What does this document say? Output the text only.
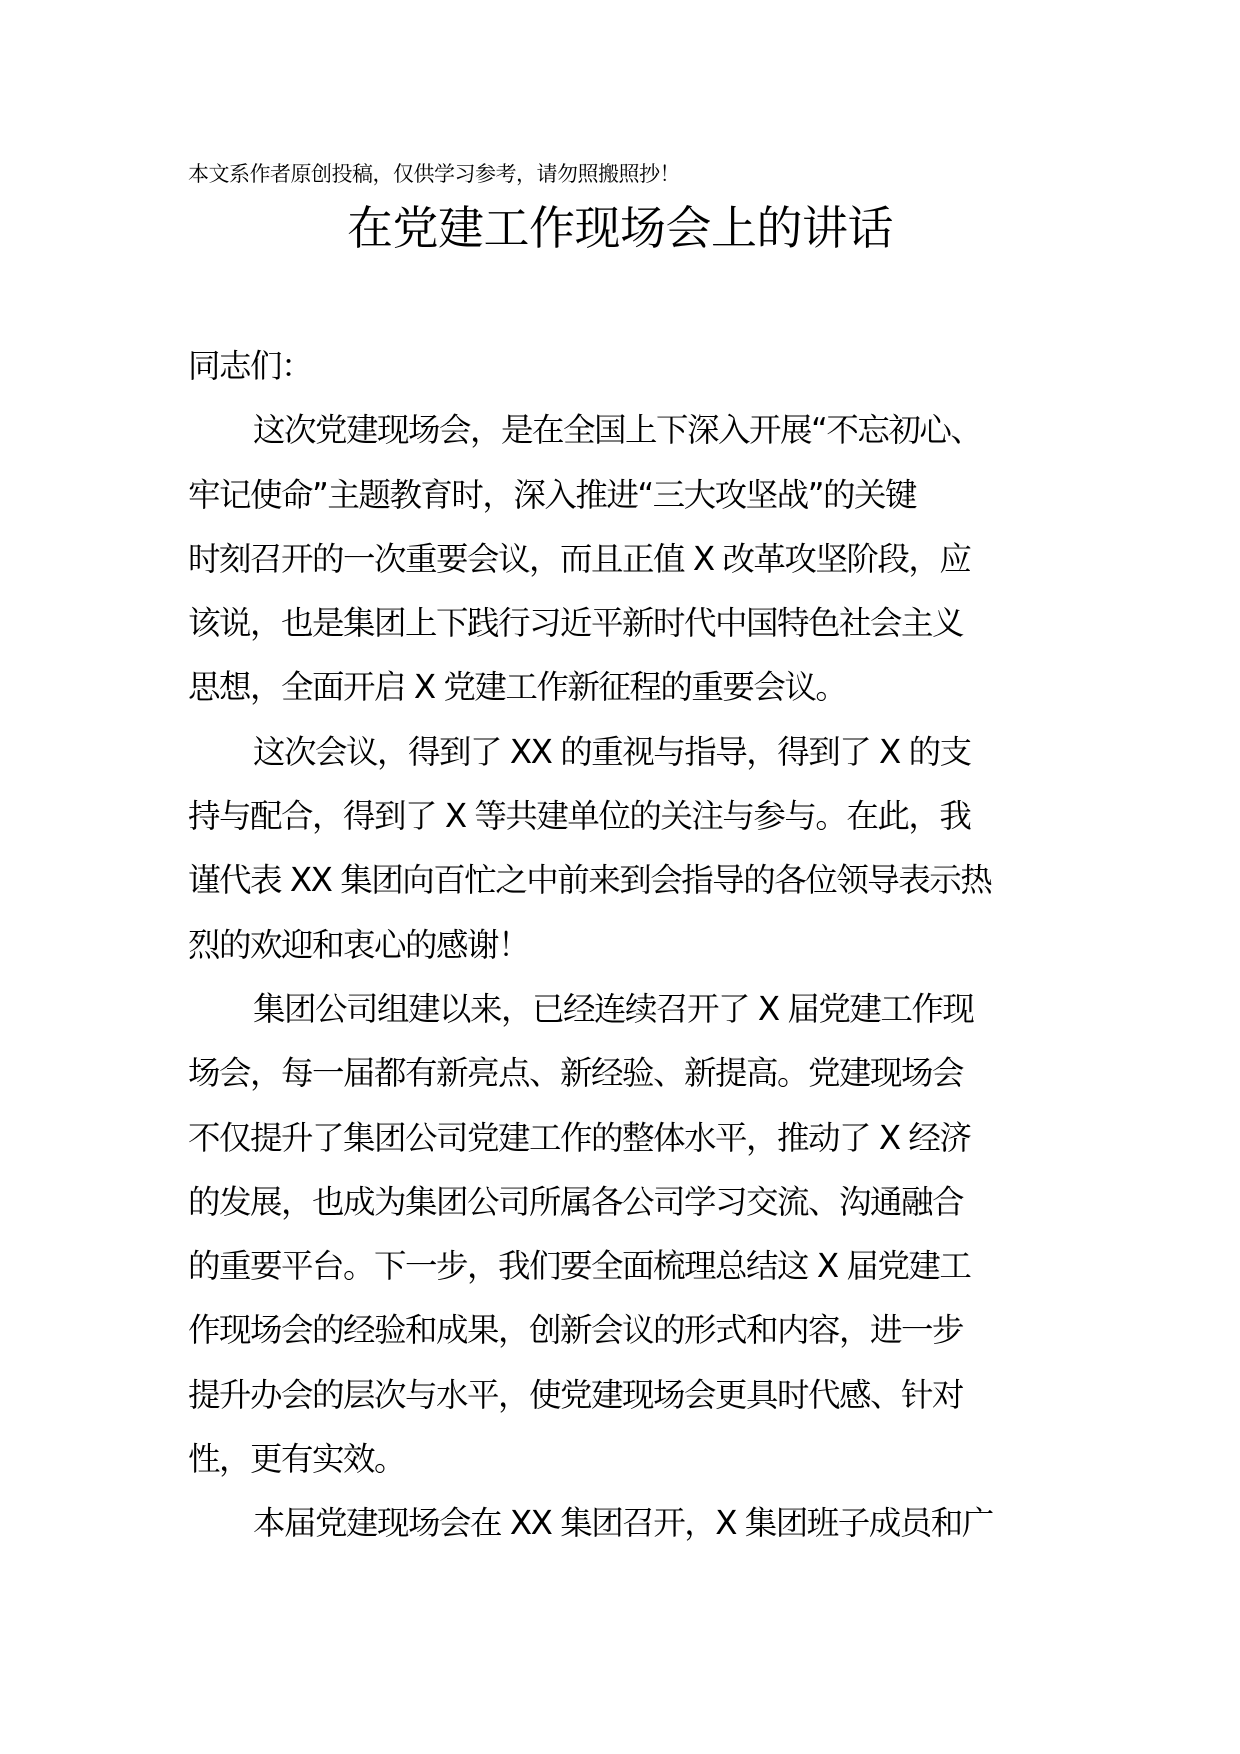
本文系作者原创投稿，仅供学习参考，请勿照搬照抄！
在党建工作现场会上的讲话
同志们：
这次党建现场会，是在全国上下深入开展“不忘初心、
牢记使命”主题教育时，深入推进“三大攻坚战”的关键
时刻召开的一次重要会议，而且正值 X 改革攻坚阶段，应
该说，也是集团上下践行习近平新时代中国特色社会主义
思想，全面开启 X 党建工作新征程的重要会议。
这次会议，得到了 XX 的重视与指导，得到了 X 的支
持与配合，得到了 X 等共建单位的关注与参与。在此，我
谨代表 XX 集团向百忙之中前来到会指导的各位领导表示热
烈的欢迎和衷心的感谢！
集团公司组建以来，已经连续召开了 X 届党建工作现
场会，每一届都有新亮点、新经验、新提高。党建现场会
不仅提升了集团公司党建工作的整体水平，推动了 X 经济
的发展，也成为集团公司所属各公司学习交流、沟通融合
的重要平台。下一步，我们要全面梳理总结这 X 届党建工
作现场会的经验和成果，创新会议的形式和内容，进一步
提升办会的层次与水平，使党建现场会更具时代感、针对
性，更有实效。
本届党建现场会在 XX 集团召开，X 集团班子成员和广
